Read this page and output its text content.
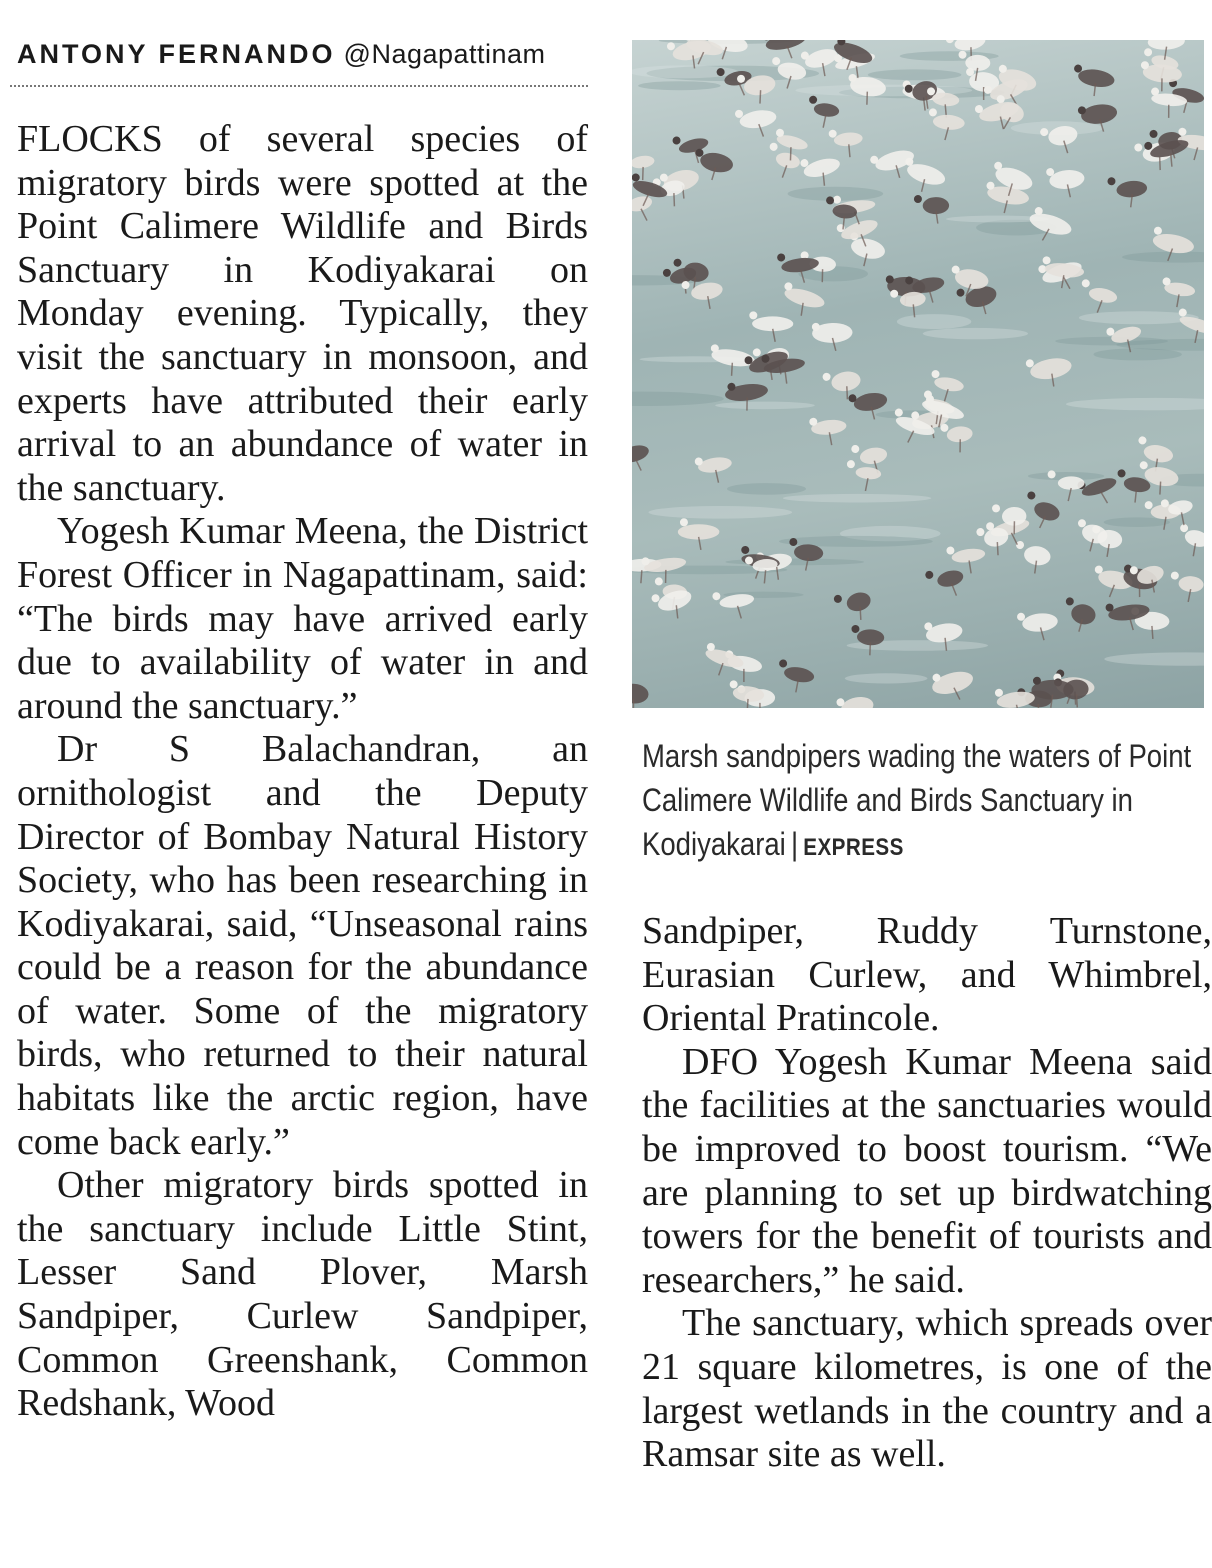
ANTONY FERNANDO @Nagapattinam

FLOCKS of several species of migratory birds were spotted at the Point Calimere Wildlife and Birds Sanctuary in Kodiyakarai on Monday evening. Typically, they visit the sanctuary in monsoon, and experts have attributed their early arrival to an abundance of water in the sanctuary.

Yogesh Kumar Meena, the District Forest Officer in Nagapattinam, said: “The birds may have arrived early due to availability of water in and around the sanctuary.”

Dr S Balachandran, an ornithologist and the Deputy Director of Bombay Natural History Society, who has been researching in Kodiyakarai, said, “Unseasonal rains could be a reason for the abundance of water. Some of the migratory birds, who returned to their natural habitats like the arctic region, have come back early.”

Other migratory birds spotted in the sanctuary include Little Stint, Lesser Sand Plover, Marsh Sandpiper, Curlew Sandpiper, Common Greenshank, Common Redshank, Wood

Marsh sandpipers wading the waters of Point Calimere Wildlife and Birds Sanctuary in Kodiyakarai | EXPRESS

Sandpiper, Ruddy Turnstone, Eurasian Curlew, and Whimbrel, Oriental Pratincole.

DFO Yogesh Kumar Meena said the facilities at the sanctuaries would be improved to boost tourism. “We are planning to set up birdwatching towers for the benefit of tourists and researchers,” he said.

The sanctuary, which spreads over 21 square kilometres, is one of the largest wetlands in the country and a Ramsar site as well.
